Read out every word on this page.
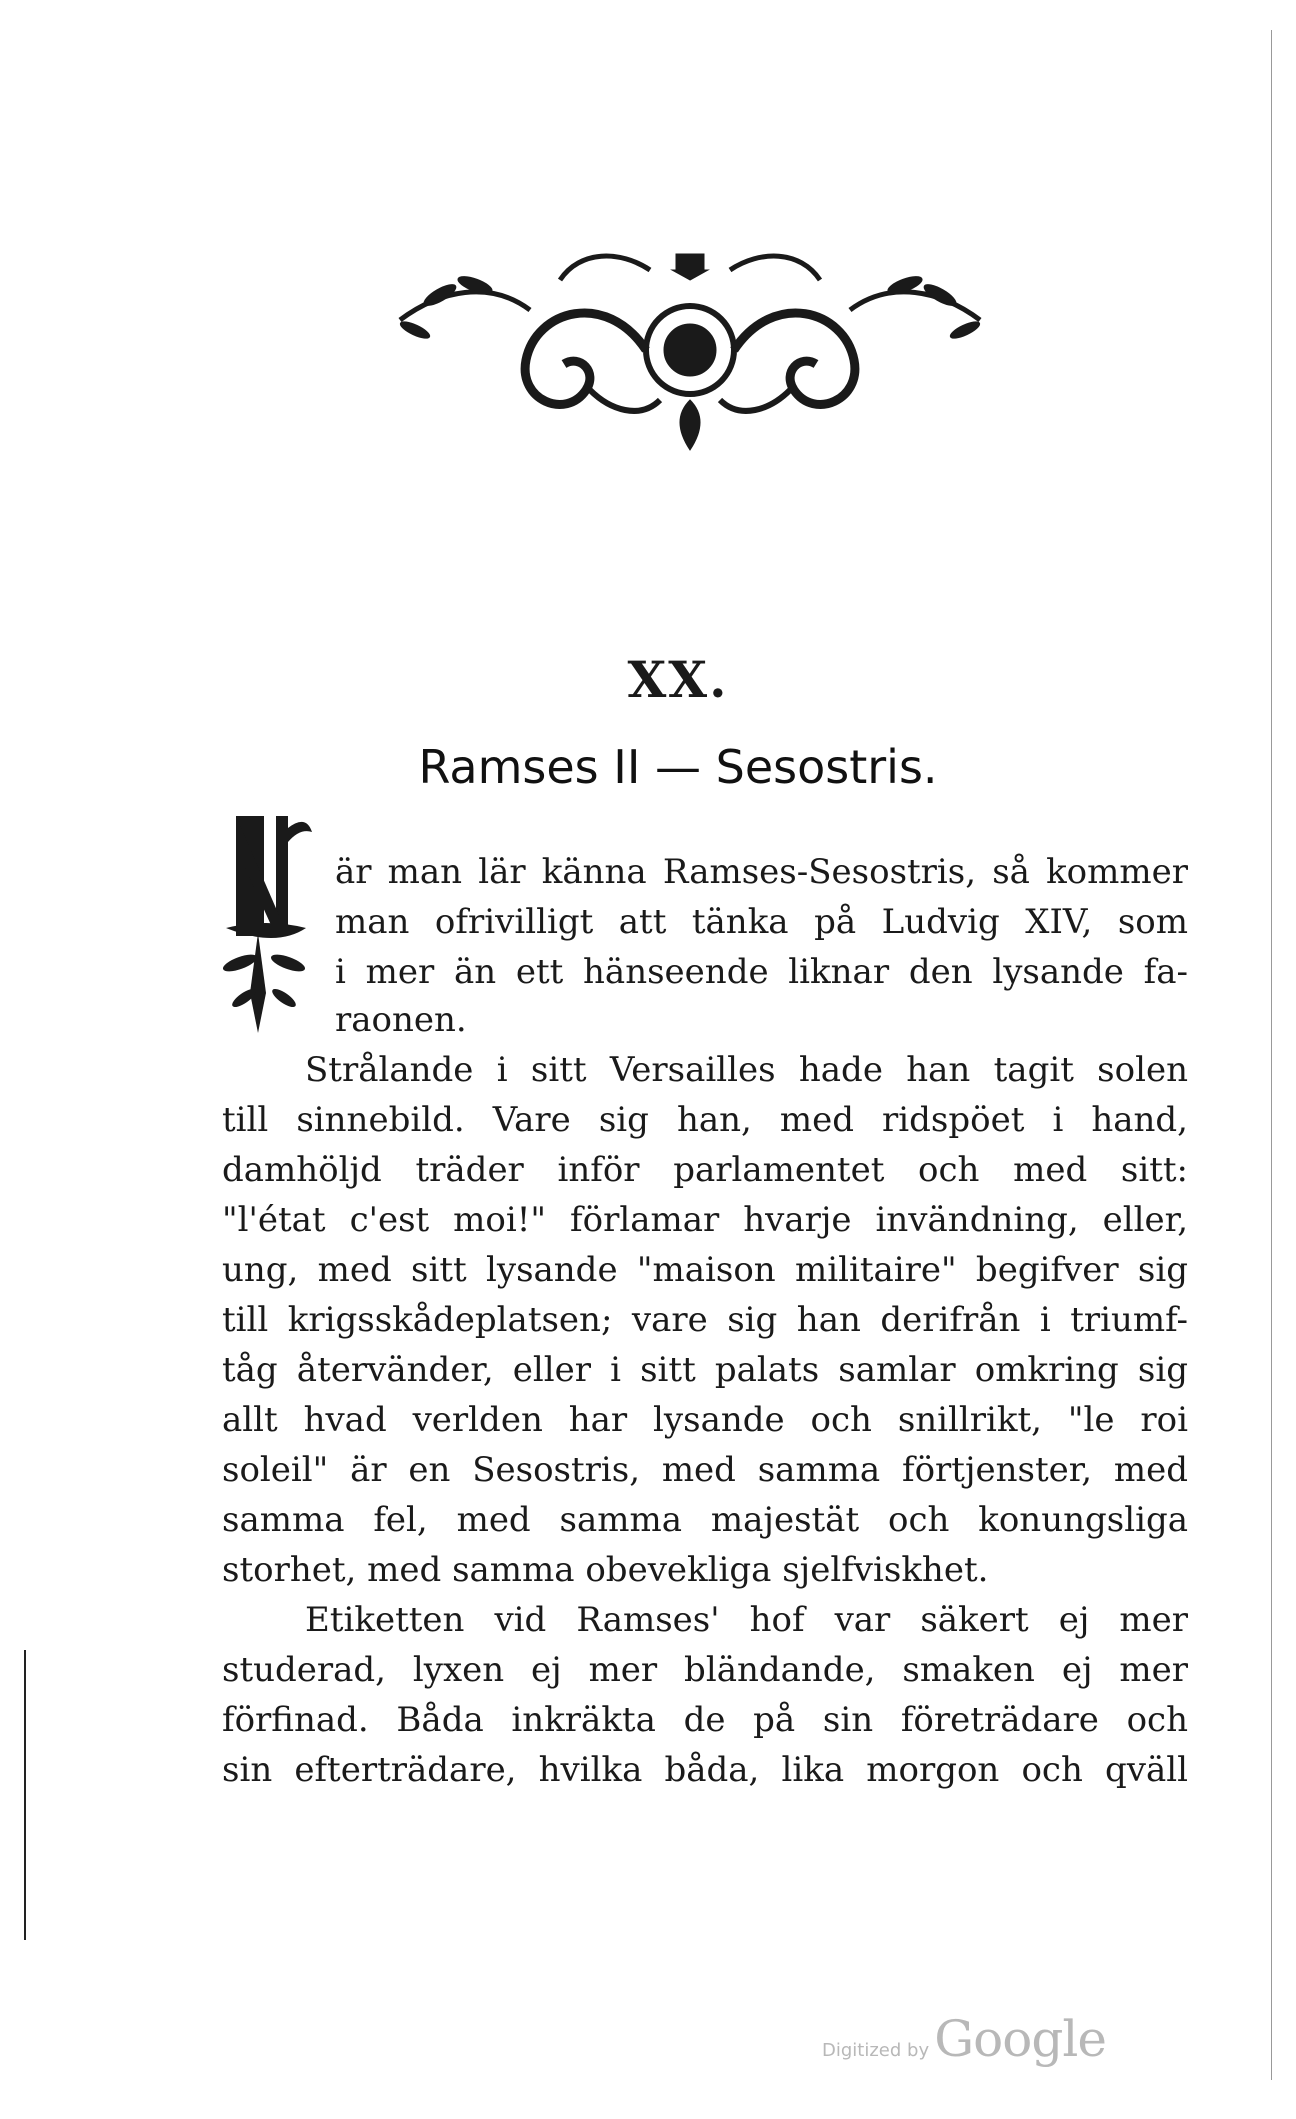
XX.
Ramses II — Sesostris.
är man lär känna Ramses-Sesostris, så kommer
man ofrivilligt att tänka på Ludvig XIV, som
i mer än ett hänseende liknar den lysande fa-
raonen.
Strålande i sitt Versailles hade han tagit solen
till sinnebild. Vare sig han, med ridspöet i hand,
damhöljd träder inför parlamentet och med sitt:
"l'état c'est moi!" förlamar hvarje invändning, eller,
ung, med sitt lysande "maison militaire" begifver sig
till krigsskådeplatsen; vare sig han derifrån i triumf-
tåg återvänder, eller i sitt palats samlar omkring sig
allt hvad verlden har lysande och snillrikt, "le roi
soleil" är en Sesostris, med samma förtjenster, med
samma fel, med samma majestät och konungsliga
storhet, med samma obevekliga sjelfviskhet.
Etiketten vid Ramses' hof var säkert ej mer
studerad, lyxen ej mer bländande, smaken ej mer
förfinad. Båda inkräkta de på sin företrädare och
sin efterträdare, hvilka båda, lika morgon och qväll
Digitized by Google
